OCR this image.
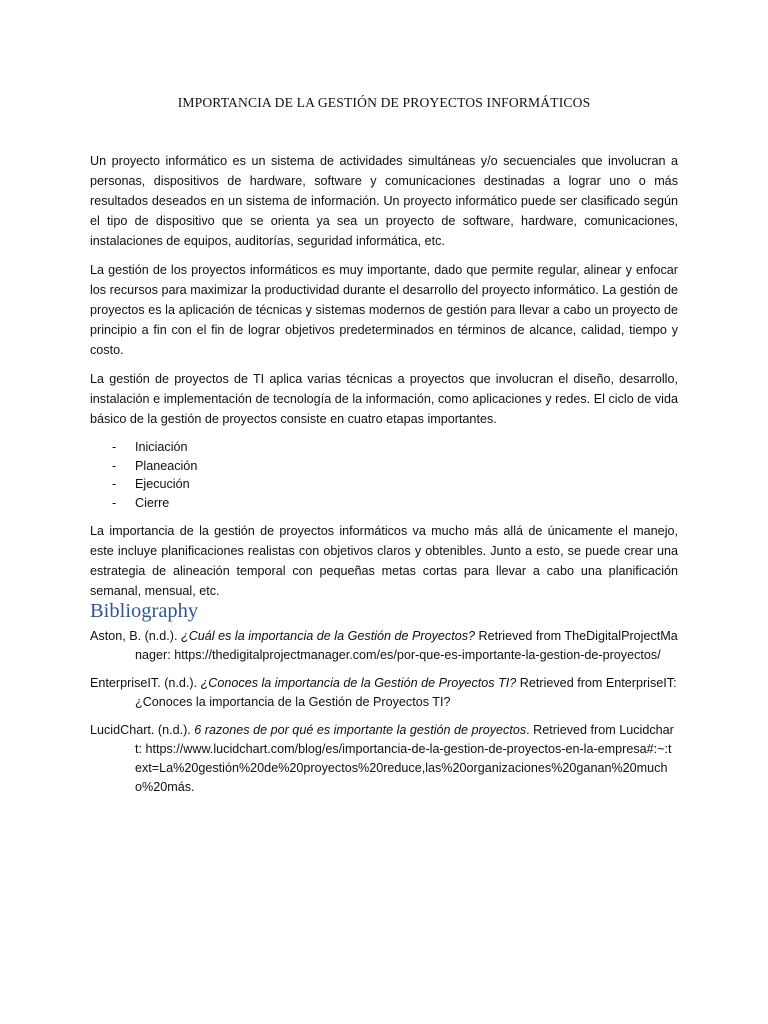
IMPORTANCIA DE LA GESTIÓN DE PROYECTOS INFORMÁTICOS

Un proyecto informático es un sistema de actividades simultáneas y/o secuenciales que involucran a personas, dispositivos de hardware, software y comunicaciones destinadas a lograr uno o más resultados deseados en un sistema de información. Un proyecto informático puede ser clasificado según el tipo de dispositivo que se orienta ya sea un proyecto de software, hardware, comunicaciones, instalaciones de equipos, auditorías, seguridad informática, etc.

La gestión de los proyectos informáticos es muy importante, dado que permite regular, alinear y enfocar los recursos para maximizar la productividad durante el desarrollo del proyecto informático. La gestión de proyectos es la aplicación de técnicas y sistemas modernos de gestión para llevar a cabo un proyecto de principio a fin con el fin de lograr objetivos predeterminados en términos de alcance, calidad, tiempo y costo.

La gestión de proyectos de TI aplica varias técnicas a proyectos que involucran el diseño, desarrollo, instalación e implementación de tecnología de la información, como aplicaciones y redes. El ciclo de vida básico de la gestión de proyectos consiste en cuatro etapas importantes.

- Iniciación
- Planeación
- Ejecución
- Cierre

La importancia de la gestión de proyectos informáticos va mucho más allá de únicamente el manejo, este incluye planificaciones realistas con objetivos claros y obtenibles. Junto a esto, se puede crear una estrategia de alineación temporal con pequeñas metas cortas para llevar a cabo una planificación semanal, mensual, etc.

Bibliography

Aston, B. (n.d.). ¿Cuál es la importancia de la Gestión de Proyectos? Retrieved from TheDigitalProjectManager: https://thedigitalprojectmanager.com/es/por-que-es-importante-la-gestion-de-proyectos/

EnterpriseIT. (n.d.). ¿Conoces la importancia de la Gestión de Proyectos TI? Retrieved from EnterpriseIT: ¿Conoces la importancia de la Gestión de Proyectos TI?

LucidChart. (n.d.). 6 razones de por qué es importante la gestión de proyectos. Retrieved from Lucidchart: https://www.lucidchart.com/blog/es/importancia-de-la-gestion-de-proyectos-en-la-empresa#:~:text=La%20gestión%20de%20proyectos%20reduce,las%20organizaciones%20ganan%20mucho%20más.
